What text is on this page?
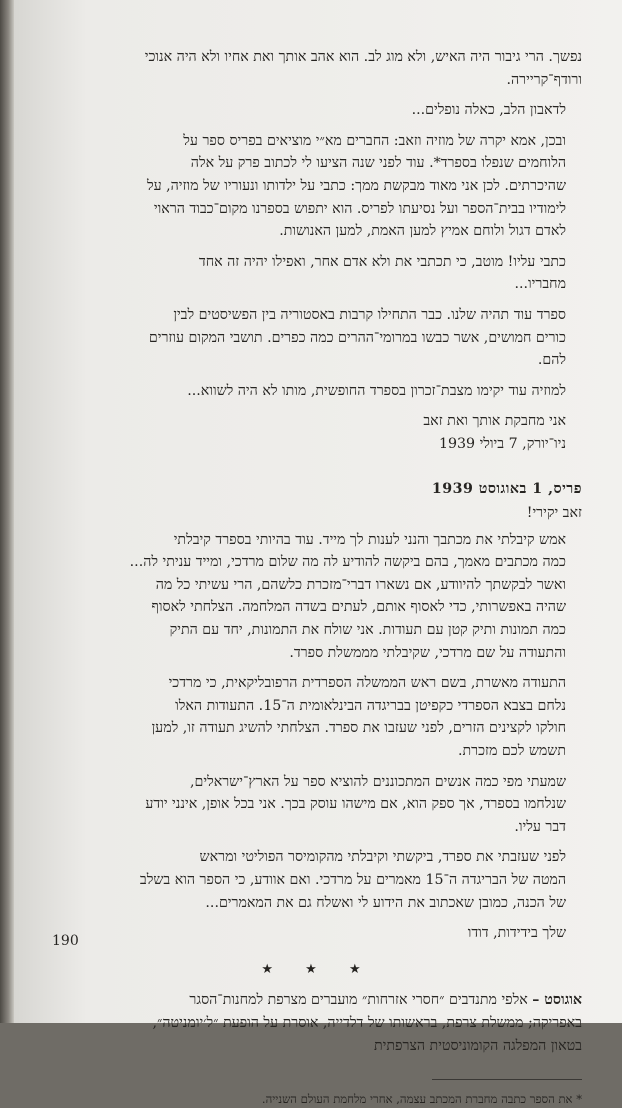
נפשך. הרי גיבור היה האיש, ולא מוג לב. הוא אהב אותך ואת אחיו ולא היה אנוכי
ורודף־קריירה.

לדאבון הלב, כאלה נופלים...

ובכן, אמא יקרה של מוזיה וזאב: החברים מא״י מוציאים בפריס ספר על
הלוחמים שנפלו בספרד*. עוד לפני שנה הציעו לי לכתוב פרק על אלה
שהיכרתים. לכן אני מאוד מבקשת ממך: כתבי על ילדותו ונעוריו של מוזיה, על
לימודיו בבית־הספר ועל נסיעתו לפריס. הוא יתפוש בספרנו מקום־כבוד הראוי
לאדם דגול ולוחם אמיץ למען האמת, למען האנושות.

כתבי עליו! מוטב, כי תכתבי את ולא אדם אחר, ואפילו יהיה זה אחד
מחבריו...

ספרד עוד תהיה שלנו. כבר התחילו קרבות באסטוריה בין הפשיסטים לבין
כורים חמושים, אשר כבשו במרומי־ההרים כמה כפרים. תושבי המקום עוזרים
להם.

למוזיה עוד יקימו מצבת־זכרון בספרד החופשית, מותו לא היה לשווא...

אני מחבקת אותך ואת זאב
ניו־יורק, 7 ביולי 1939

פריס, 1 באוגוסט 1939

זאב יקירי!

אמש קיבלתי את מכתבך והנני לענות לך מייד. עוד בהיותי בספרד קיבלתי
כמה מכתבים מאמך, בהם ביקשה להודיע לה מה שלום מרדכי, ומייד עניתי לה...
ואשר לבקשתך להיוודע, אם נשארו דברי־מזכרת כלשהם, הרי עשיתי כל מה
שהיה באפשרותי, כדי לאסוף אותם, לעתים בשדה המלחמה. הצלחתי לאסוף
כמה תמונות ותיק קטן עם תעודות. אני שולח את התמונות, יחד עם התיק
והתעודה על שם מרדכי, שקיבלתי מממשלת ספרד.

התעודה מאשרת, בשם ראש הממשלה הספרדית הרפובליקאית, כי מרדכי
נלחם בצבא הספרדי כקפיטן בבריגדה הבינלאומית ה־15. התעודות האלו
חולקו לקצינים הזרים, לפני שעזבו את ספרד. הצלחתי להשיג תעודה זו, למען
תשמש לכם מזכרת.

שמעתי מפי כמה אנשים המתכוננים להוציא ספר על הארץ־ישראלים,
שנלחמו בספרד, אך ספק הוא, אם מישהו עוסק בכך. אני בכל אופן, אינני יודע
דבר עליו.

לפני שעזבתי את ספרד, ביקשתי וקיבלתי מהקומיסר הפוליטי ומראש
המטה של הבריגדה ה־15 מאמרים על מרדכי. ואם אוודע, כי הספר הוא בשלב
של הכנה, כמובן שאכתוב את הידוע לי ואשלח גם את המאמרים...

שלך בידידות, דודו

★ ★ ★
אוגוסט – אלפי מתנדבים ״חסרי אזרחות״ מועברים מצרפת למחנות־הסגר
באפריקה; ממשלת צרפת, בראשותו של דלדייה, אוסרת על הופעת ״ל׳יומניטה״,
בטאון המפלגה הקומוניסטית הצרפתית

* את הספר כתבה מחברת המכתב עצמה, אחרי מלחמת העולם השנייה.

190
